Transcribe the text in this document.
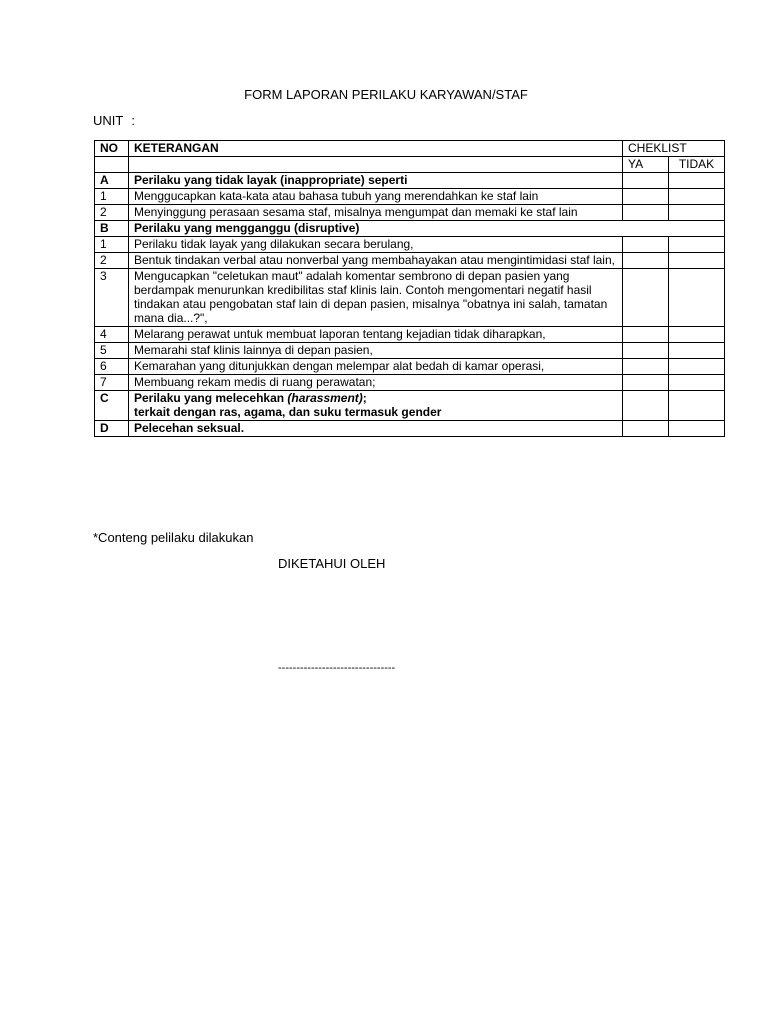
FORM LAPORAN PERILAKU KARYAWAN/STAF
UNIT :
NO	KETERANGAN	CHEKLIST	
		YA	TIDAK
A	Perilaku yang tidak layak (inappropriate) seperti		
1	Menggucapkan kata-kata atau bahasa tubuh yang merendahkan ke staf lain		
2	Menyinggung perasaan sesama staf, misalnya mengumpat dan memaki ke staf lain		
B	Perilaku yang mengganggu (disruptive)		
1	Perilaku tidak layak yang dilakukan secara berulang,		
2	Bentuk tindakan verbal atau nonverbal yang membahayakan atau mengintimidasi staf lain,		
3	Mengucapkan "celetukan maut" adalah komentar sembrono di depan pasien yang berdampak menurunkan kredibilitas staf klinis lain. Contoh mengomentari negatif hasil tindakan atau pengobatan staf lain di depan pasien, misalnya "obatnya ini salah, tamatan mana dia...?",		
4	Melarang perawat untuk membuat laporan tentang kejadian tidak diharapkan,		
5	Memarahi staf klinis lainnya di depan pasien,		
6	Kemarahan yang ditunjukkan dengan melempar alat bedah di kamar operasi,		
7	Membuang rekam medis di ruang perawatan;		
C	Perilaku yang melecehkan (harassment);
terkait dengan ras, agama, dan suku termasuk gender		
D	Pelecehan seksual.		
*Conteng pelilaku dilakukan
DIKETAHUI OLEH
--------------------------------
